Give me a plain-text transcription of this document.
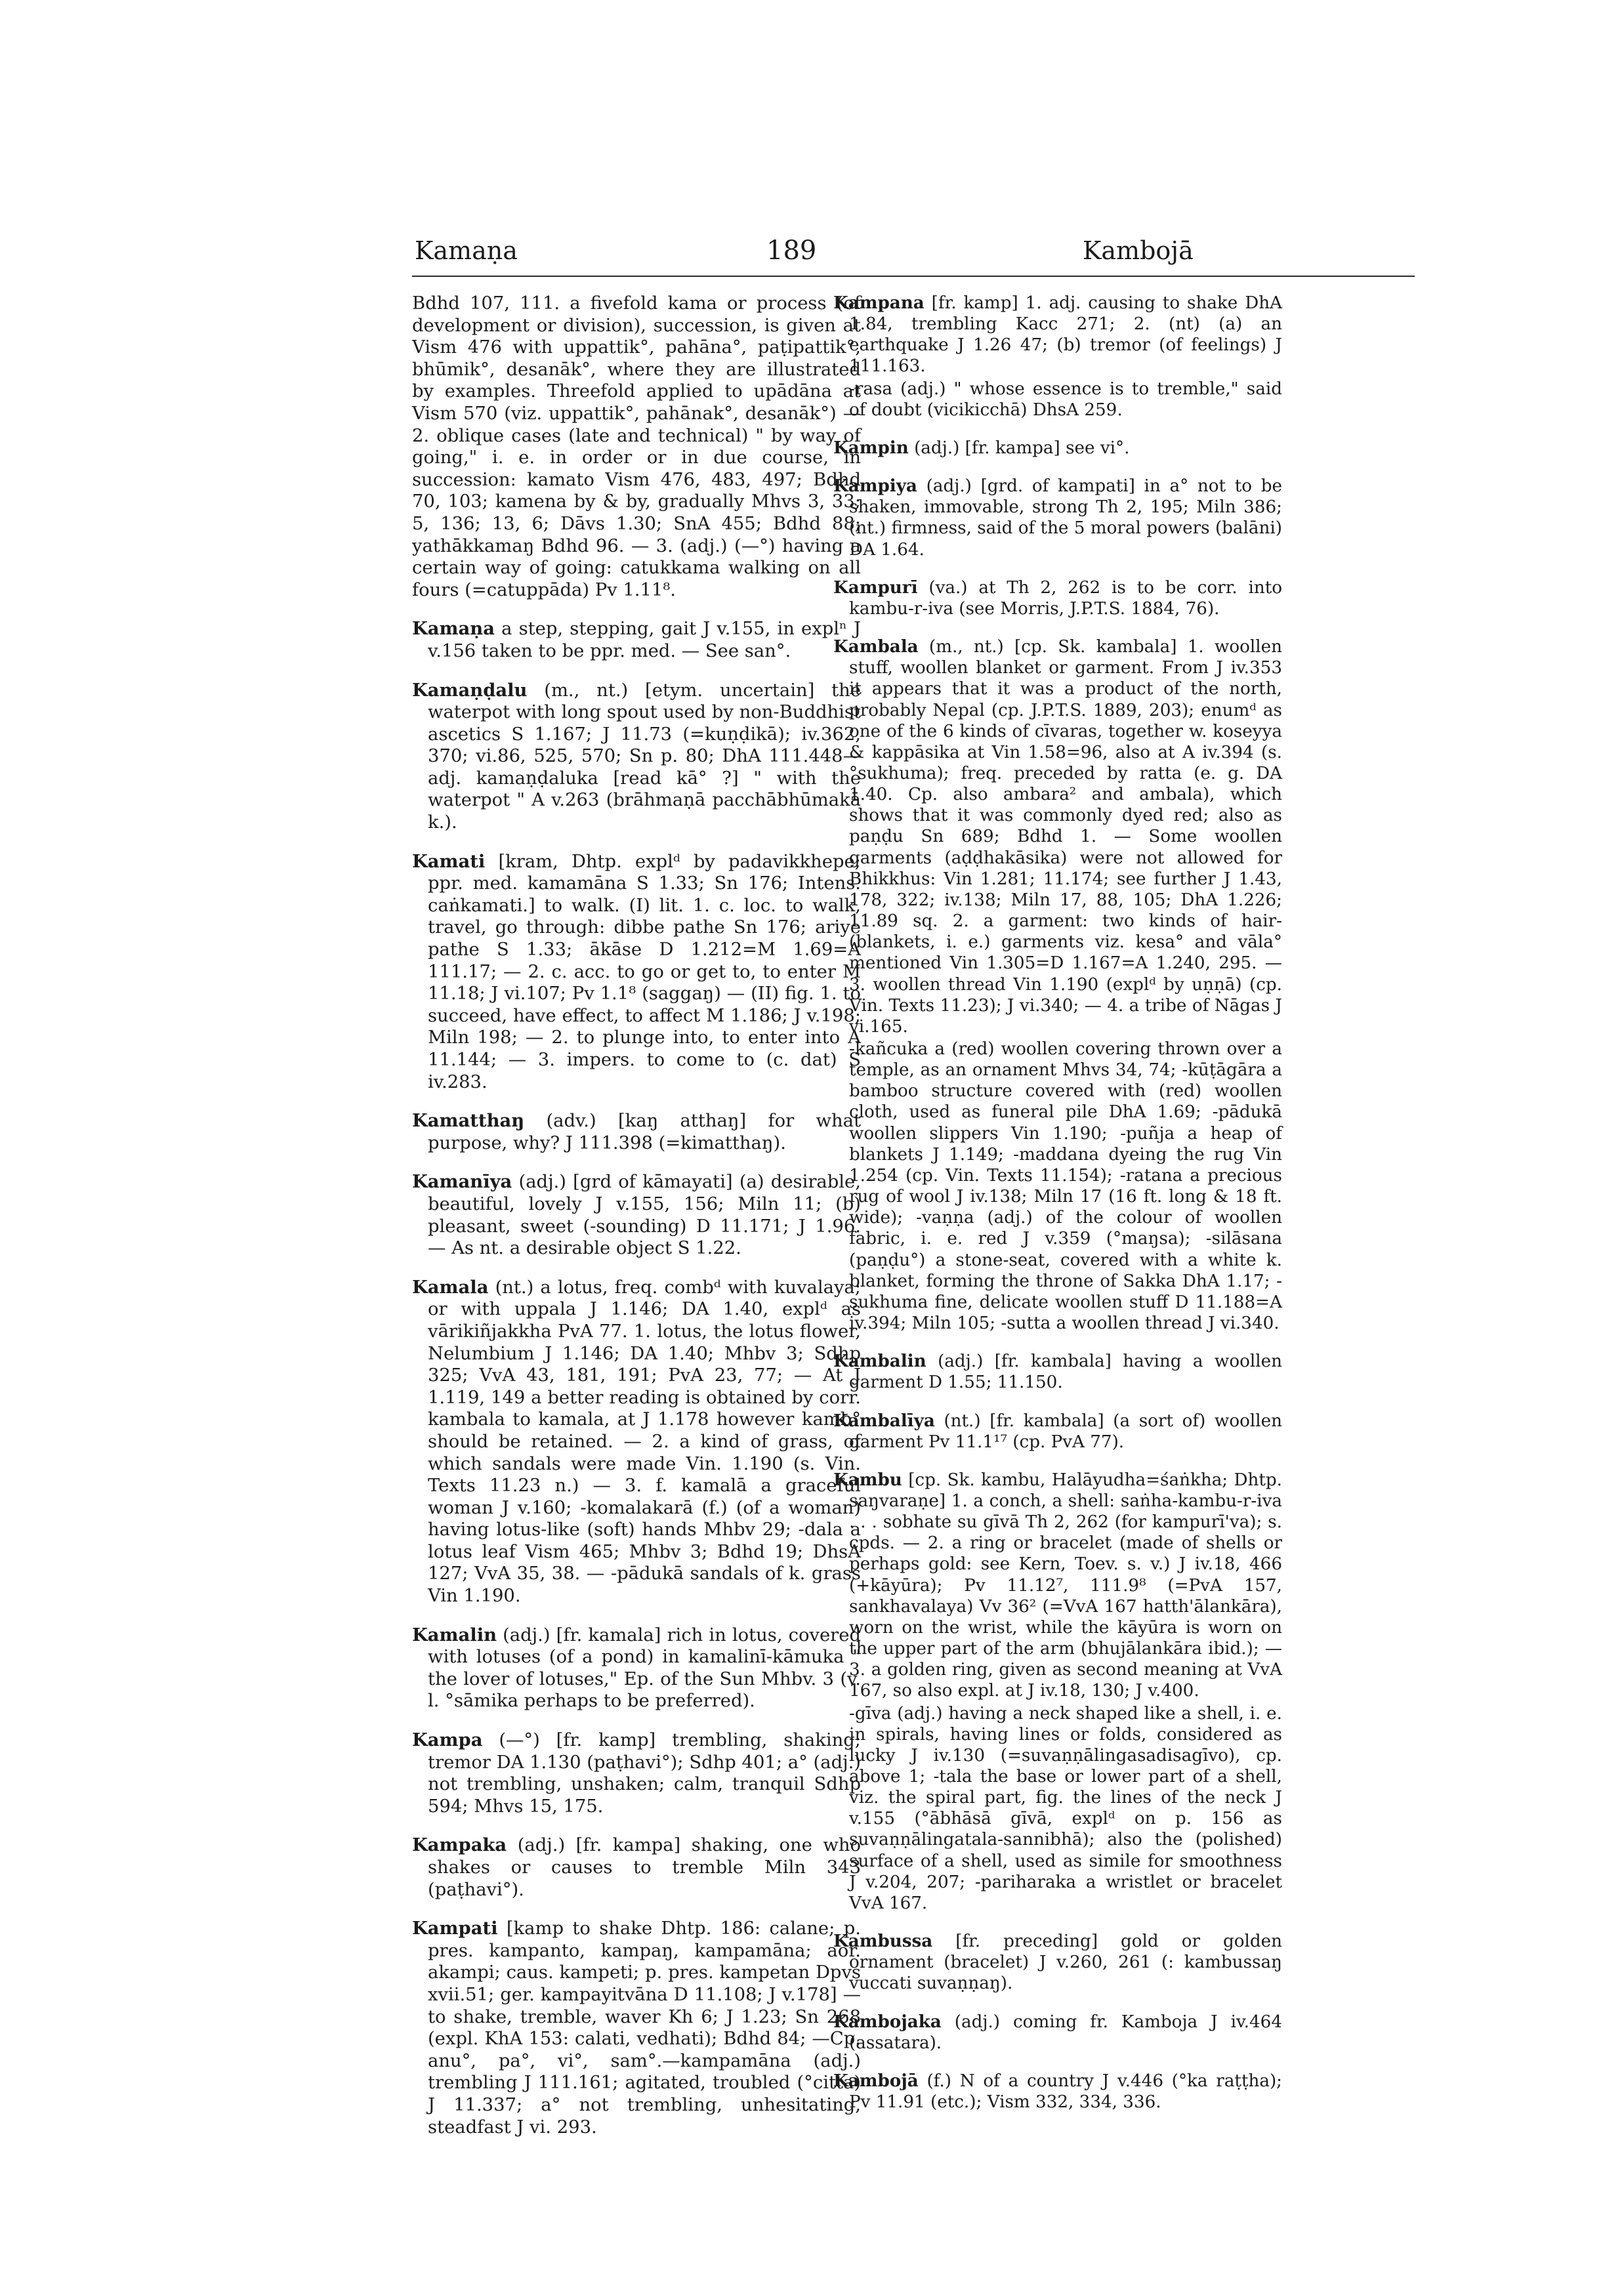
Kamaṇa	189	Kambojā

Bdhd 107, 111. a fivefold kama or process (of development or division), succession, is given at Vism 476 with uppattik°, pahāna°, paṭipattik°, bhūmik°, desanāk°, where they are illustrated by examples. Threefold applied to upādāna at Vism 570 (viz. uppattik°, pahānak°, desanāk°) — 2. oblique cases (late and technical) " by way of going," i. e. in order or in due course, in succession: kamato Vism 476, 483, 497; Bdhd 70, 103; kamena by & by, gradually Mhvs 3, 33; 5, 136; 13, 6; Dāvs 1.30; SnA 455; Bdhd 88; yathākkamaŋ Bdhd 96. — 3. (adj.) (—°) having a certain way of going: catukkama walking on all fours (=catuppāda) Pv 1.11⁸.

Kamaṇa a step, stepping, gait J v.155, in explⁿ J v.156 taken to be ppr. med. — See san°.

Kamaṇḍalu (m., nt.) [etym. uncertain] the waterpot with long spout used by non-Buddhist ascetics S 1.167; J 11.73 (=kuṇḍikā); iv.362, 370; vi.86, 525, 570; Sn p. 80; DhA 111.448—adj. kamaṇḍaluka [read kā° ?] " with the waterpot " A v.263 (brāhmaṇā pacchābhūmakā k.).

Kamati [kram, Dhtp. explᵈ by padavikkhepe; ppr. med. kamamāna S 1.33; Sn 176; Intens. caṅkamati.] to walk. (I) lit. 1. c. loc. to walk, travel, go through: dibbe pathe Sn 176; ariye pathe S 1.33; ākāse D 1.212=M 1.69=A 111.17; — 2. c. acc. to go or get to, to enter M 11.18; J vi.107; Pv 1.1⁸ (saggaŋ) — (II) fig. 1. to succeed, have effect, to affect M 1.186; J v.198; Miln 198; — 2. to plunge into, to enter into A 11.144; — 3. impers. to come to (c. dat) S iv.283.

Kamatthaŋ (adv.) [kaŋ atthaŋ] for what purpose, why? J 111.398 (=kimatthaŋ).

Kamanīya (adj.) [grd of kāmayati] (a) desirable, beautiful, lovely J v.155, 156; Miln 11; (b) pleasant, sweet (-sounding) D 11.171; J 1.96. — As nt. a desirable object S 1.22.

Kamala (nt.) a lotus, freq. combᵈ with kuvalaya; or with uppala J 1.146; DA 1.40, explᵈ as vārikiñjakkha PvA 77. 1. lotus, the lotus flower, Nelumbium J 1.146; DA 1.40; Mhbv 3; Sdhp 325; VvA 43, 181, 191; PvA 23, 77; — At J 1.119, 149 a better reading is obtained by corr. kambala to kamala, at J 1.178 however kamb° should be retained. — 2. a kind of grass, of which sandals were made Vin. 1.190 (s. Vin. Texts 11.23 n.) — 3. f. kamalā a graceful woman J v.160; -komalakarā (f.) (of a woman) having lotus-like (soft) hands Mhbv 29; -dala a lotus leaf Vism 465; Mhbv 3; Bdhd 19; DhsA 127; VvA 35, 38. — -pādukā sandals of k. grass Vin 1.190.

Kamalin (adj.) [fr. kamala] rich in lotus, covered with lotuses (of a pond) in kamalinī-kāmuka " the lover of lotuses," Ep. of the Sun Mhbv. 3 (v. l. °sāmika perhaps to be preferred).

Kampa (—°) [fr. kamp] trembling, shaking; tremor DA 1.130 (paṭhavi°); Sdhp 401; a° (adj.) not trembling, unshaken; calm, tranquil Sdhp 594; Mhvs 15, 175.

Kampaka (adj.) [fr. kampa] shaking, one who shakes or causes to tremble Miln 343 (paṭhavi°).

Kampati [kamp to shake Dhtp. 186: calane; p. pres. kampanto, kampaŋ, kampamāna; aor. akampi; caus. kampeti; p. pres. kampetan Dpvs xvii.51; ger. kampayitvāna D 11.108; J v.178] — to shake, tremble, waver Kh 6; J 1.23; Sn 268 (expl. KhA 153: calati, vedhati); Bdhd 84; —Cp. anu°, pa°, vi°, sam°.—kampamāna (adj.) trembling J 111.161; agitated, troubled (°citta) J 11.337; a° not trembling, unhesitating, steadfast J vi. 293.

Kampana [fr. kamp] 1. adj. causing to shake DhA 1.84, trembling Kacc 271; 2. (nt) (a) an earthquake J 1.26 47; (b) tremor (of feelings) J 111.163.
-rasa (adj.) " whose essence is to tremble," said of doubt (vicikicchā) DhsA 259.

Kampin (adj.) [fr. kampa] see vi°.

Kampiya (adj.) [grd. of kampati] in a° not to be shaken, immovable, strong Th 2, 195; Miln 386; (nt.) firmness, said of the 5 moral powers (balāni) DA 1.64.

Kampurī (va.) at Th 2, 262 is to be corr. into kambu-r-iva (see Morris, J.P.T.S. 1884, 76).

Kambala (m., nt.) [cp. Sk. kambala] 1. woollen stuff, woollen blanket or garment. From J iv.353 it appears that it was a product of the north, probably Nepal (cp. J.P.T.S. 1889, 203); enumᵈ as one of the 6 kinds of cīvaras, together w. koseyya & kappāsika at Vin 1.58=96, also at A iv.394 (s. °sukhuma); freq. preceded by ratta (e. g. DA 1.40. Cp. also ambara² and ambala), which shows that it was commonly dyed red; also as paṇḍu Sn 689; Bdhd 1. — Some woollen garments (aḍḍhakāsika) were not allowed for Bhikkhus: Vin 1.281; 11.174; see further J 1.43, 178, 322; iv.138; Miln 17, 88, 105; DhA 1.226; 11.89 sq. 2. a garment: two kinds of hair-(blankets, i. e.) garments viz. kesa° and vāla° mentioned Vin 1.305=D 1.167=A 1.240, 295. — 3. woollen thread Vin 1.190 (explᵈ by uṇṇā) (cp. Vin. Texts 11.23); J vi.340; — 4. a tribe of Nāgas J vi.165.
-kañcuka a (red) woollen covering thrown over a temple, as an ornament Mhvs 34, 74; -kūṭāgāra a bamboo structure covered with (red) woollen cloth, used as funeral pile DhA 1.69; -pādukā woollen slippers Vin 1.190; -puñja a heap of blankets J 1.149; -maddana dyeing the rug Vin 1.254 (cp. Vin. Texts 11.154); -ratana a precious rug of wool J iv.138; Miln 17 (16 ft. long & 18 ft. wide); -vaṇṇa (adj.) of the colour of woollen fabric, i. e. red J v.359 (°maŋsa); -silāsana (paṇḍu°) a stone-seat, covered with a white k. blanket, forming the throne of Sakka DhA 1.17; -sukhuma fine, delicate woollen stuff D 11.188=A iv.394; Miln 105; -sutta a woollen thread J vi.340.

Kambalin (adj.) [fr. kambala] having a woollen garment D 1.55; 11.150.

Kambalīya (nt.) [fr. kambala] (a sort of) woollen garment Pv 11.1¹⁷ (cp. PvA 77).

Kambu [cp. Sk. kambu, Halāyudha=śaṅkha; Dhtp. saŋvaraṇe] 1. a conch, a shell: saṅha-kambu-r-iva . . . sobhate su gīvā Th 2, 262 (for kampurī'va); s. cpds. — 2. a ring or bracelet (made of shells or perhaps gold: see Kern, Toev. s. v.) J iv.18, 466 (+kāyūra); Pv 11.12⁷, 111.9⁸ (=PvA 157, sankhavalaya) Vv 36² (=VvA 167 hatth'ālankāra), worn on the wrist, while the kāyūra is worn on the upper part of the arm (bhujālankāra ibid.); — 3. a golden ring, given as second meaning at VvA 167, so also expl. at J iv.18, 130; J v.400.
-gīva (adj.) having a neck shaped like a shell, i. e. in spirals, having lines or folds, considered as lucky J iv.130 (=suvaṇṇālingasadisagīvo), cp. above 1; -tala the base or lower part of a shell, viz. the spiral part, fig. the lines of the neck J v.155 (°ābhāsā gīvā, explᵈ on p. 156 as suvaṇṇālingatala-sannibhā); also the (polished) surface of a shell, used as simile for smoothness J v.204, 207; -pariharaka a wristlet or bracelet VvA 167.

Kambussa [fr. preceding] gold or golden ornament (bracelet) J v.260, 261 (: kambussaŋ vuccati suvaṇṇaŋ).

Kambojaka (adj.) coming fr. Kamboja J iv.464 (assatara).

Kambojā (f.) N of a country J v.446 (°ka raṭṭha); Pv 11.91 (etc.); Vism 332, 334, 336.
